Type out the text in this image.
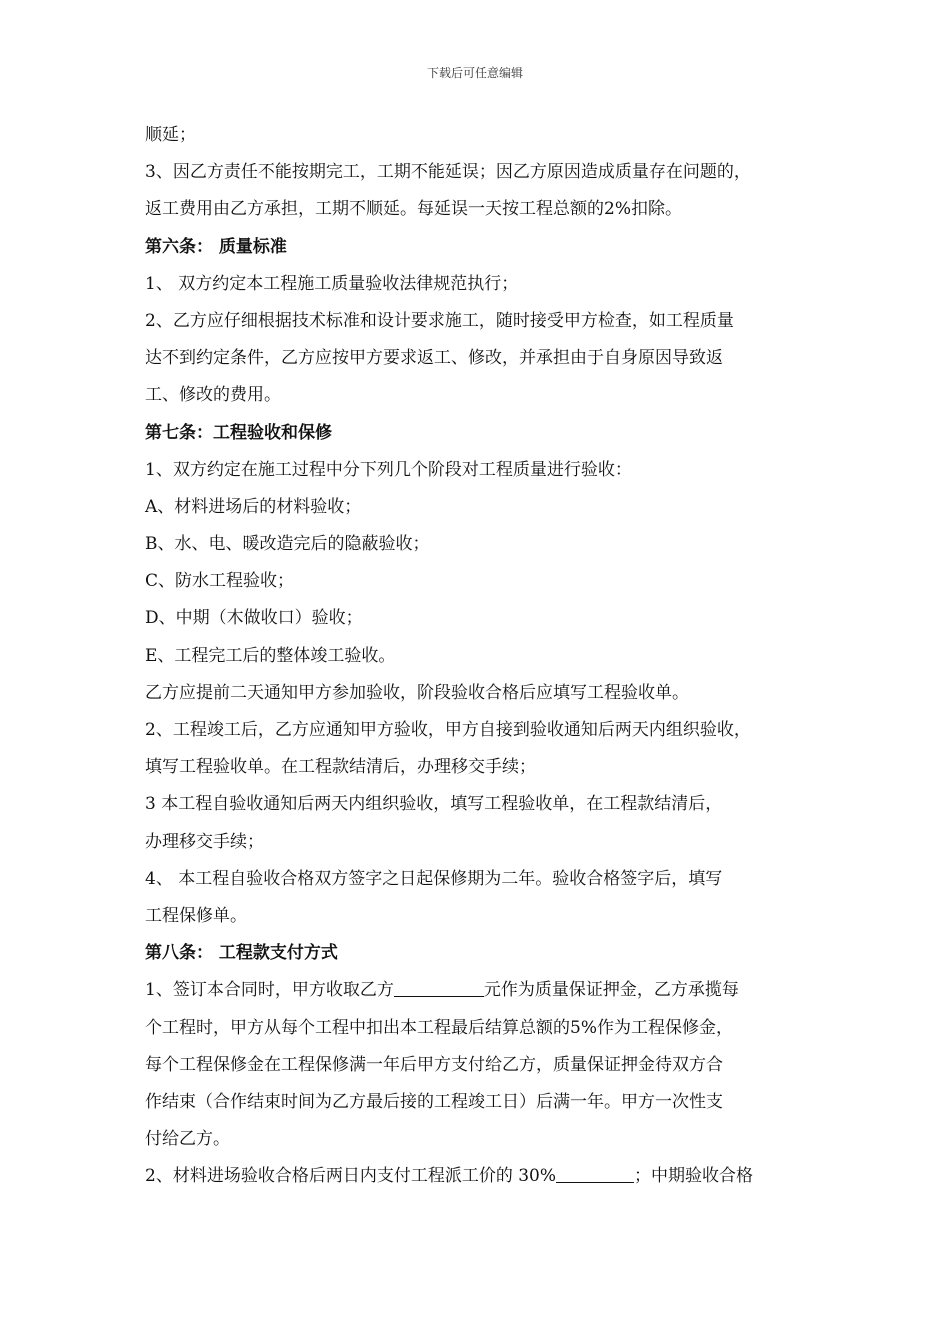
下载后可任意编辑
顺延；
3、因乙方责任不能按期完工，工期不能延误；因乙方原因造成质量存在问题的，
返工费用由乙方承担，工期不顺延。每延误一天按工程总额的2%扣除。
第六条： 质量标准
1、 双方约定本工程施工质量验收法律规范执行；
2、乙方应仔细根据技术标准和设计要求施工，随时接受甲方检查，如工程质量
达不到约定条件，乙方应按甲方要求返工、修改，并承担由于自身原因导致返
工、修改的费用。
第七条：工程验收和保修
1、双方约定在施工过程中分下列几个阶段对工程质量进行验收：
A、材料进场后的材料验收；
B、水、电、暖改造完后的隐蔽验收；
C、防水工程验收；
D、中期（木做收口）验收；
E、工程完工后的整体竣工验收。
乙方应提前二天通知甲方参加验收，阶段验收合格后应填写工程验收单。
2、工程竣工后，乙方应通知甲方验收，甲方自接到验收通知后两天内组织验收，
填写工程验收单。在工程款结清后，办理移交手续；
3 本工程自验收通知后两天内组织验收，填写工程验收单，在工程款结清后，
办理移交手续；
4、 本工程自验收合格双方签字之日起保修期为二年。验收合格签字后，填写
工程保修单。
第八条： 工程款支付方式
1、签订本合同时，甲方收取乙方	元作为质量保证押金，乙方承揽每
个工程时，甲方从每个工程中扣出本工程最后结算总额的5%作为工程保修金，
每个工程保修金在工程保修满一年后甲方支付给乙方，质量保证押金待双方合
作结束（合作结束时间为乙方最后接的工程竣工日）后满一年。甲方一次性支
付给乙方。
2、材料进场验收合格后两日内支付工程派工价的 30%	；中期验收合格
